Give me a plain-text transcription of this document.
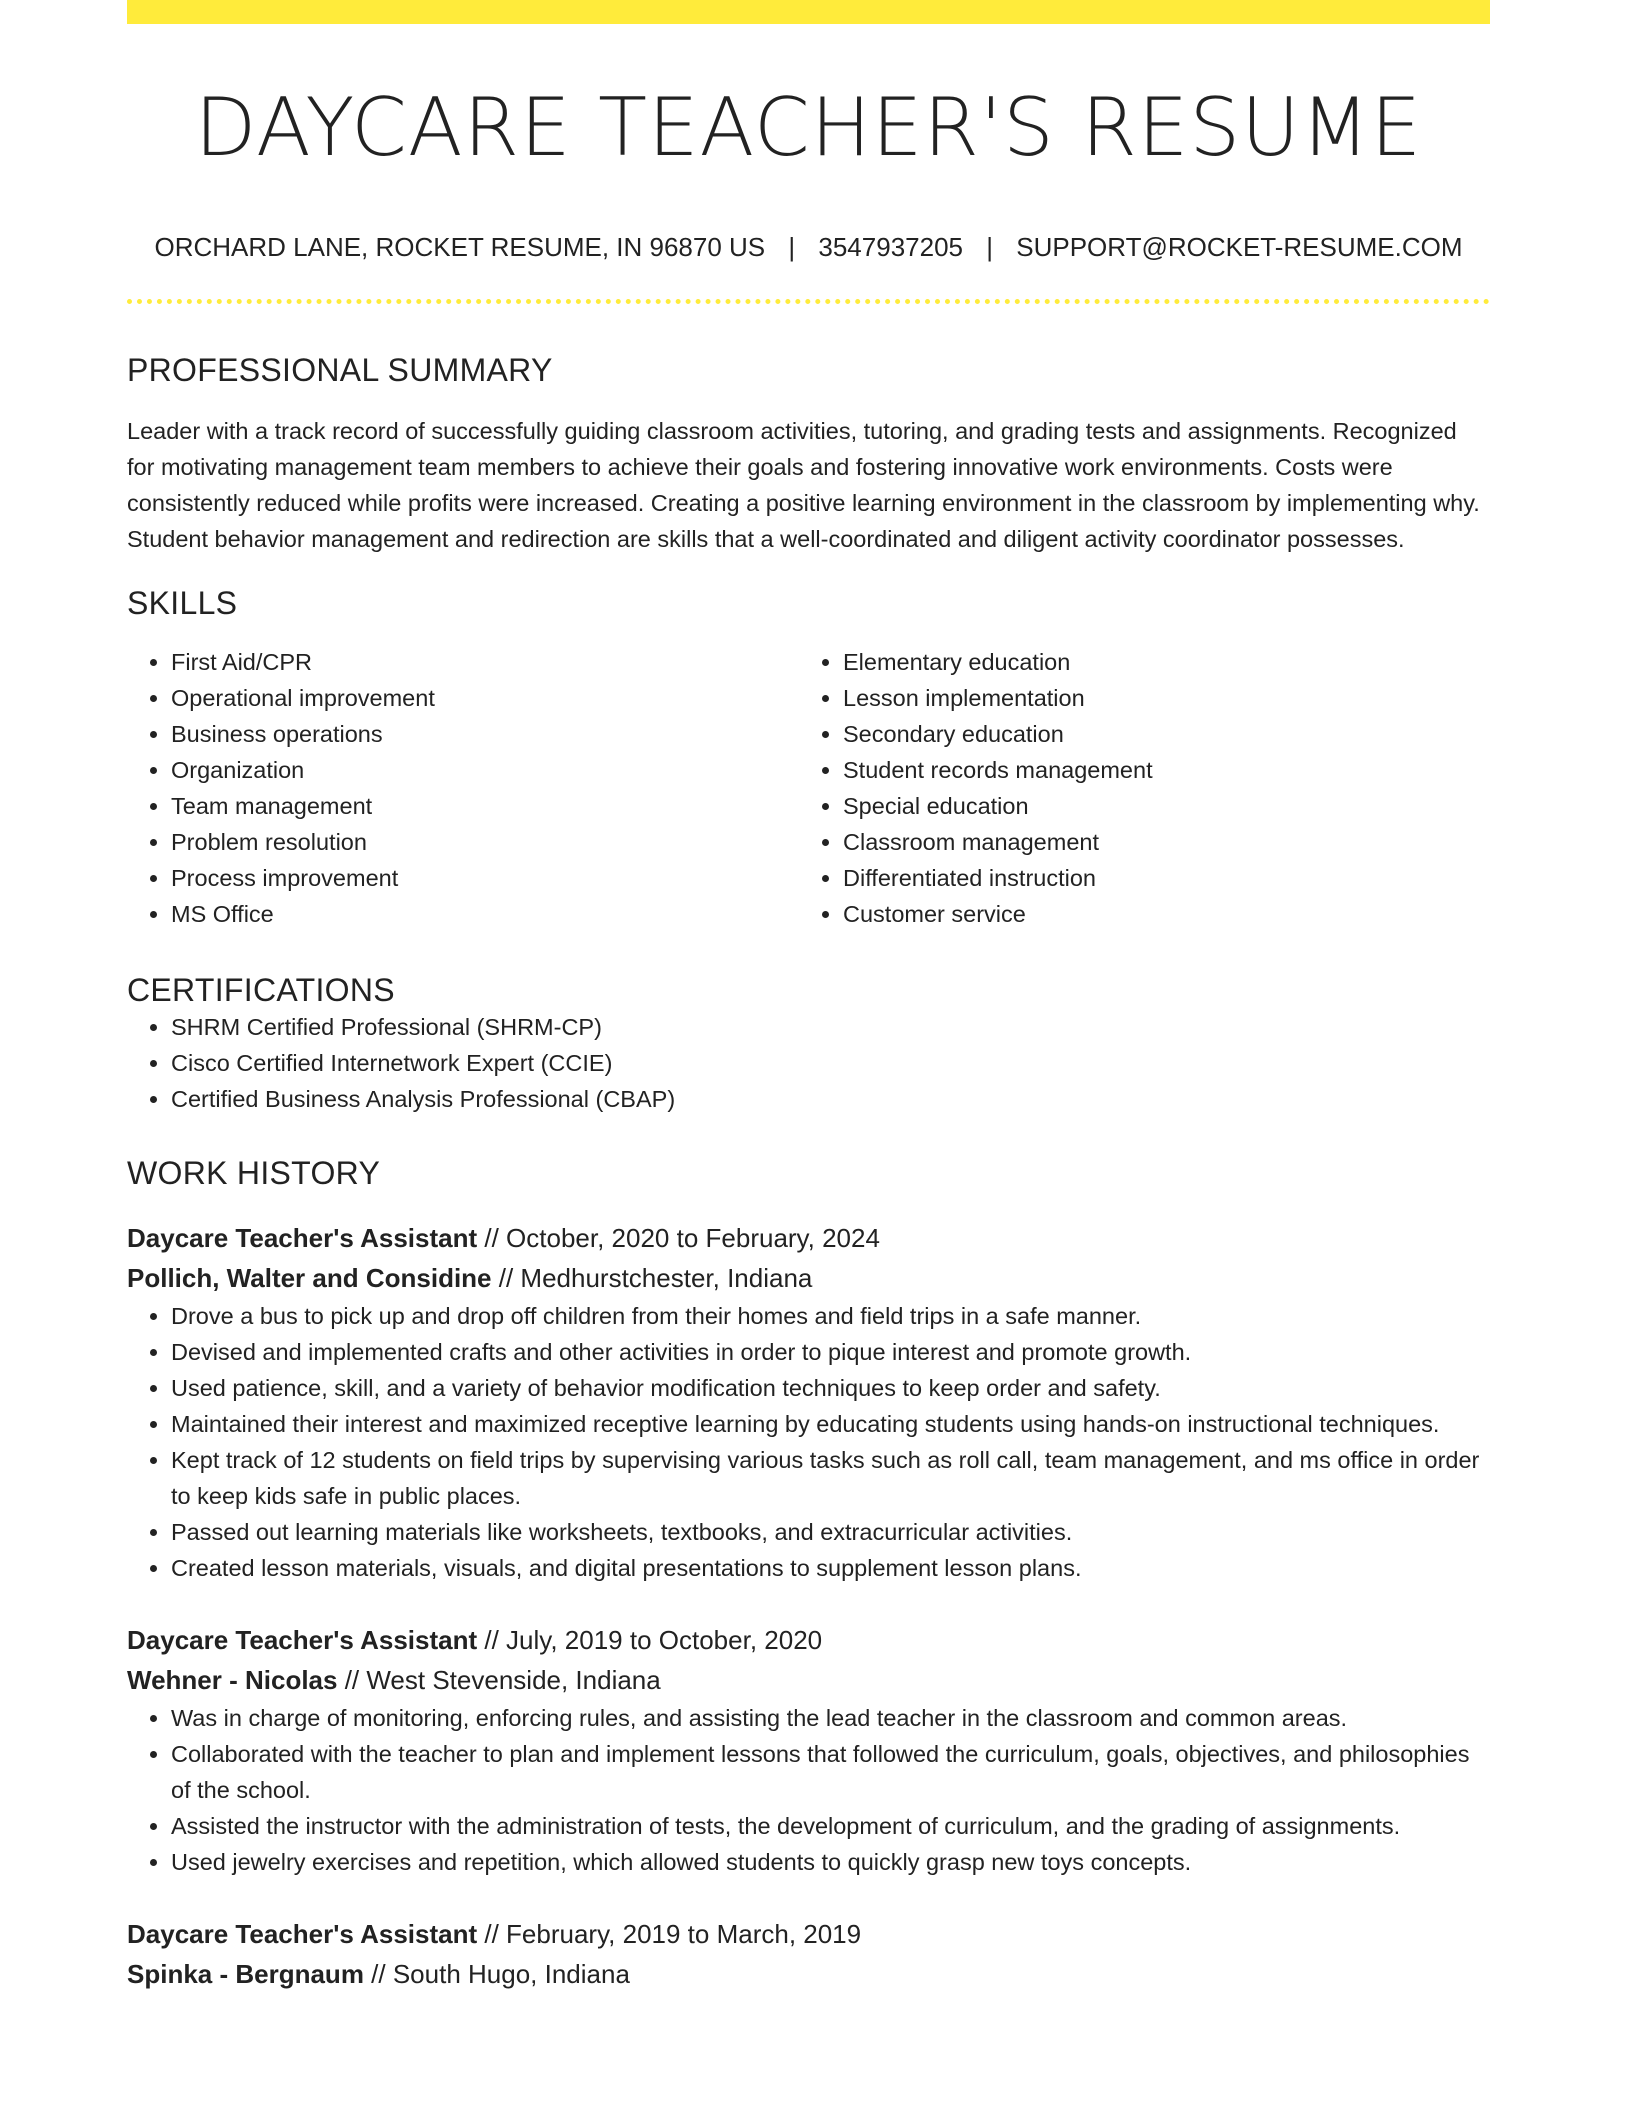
DAYCARE TEACHER'S RESUME
ORCHARD LANE, ROCKET RESUME, IN 96870 US | 3547937205 | SUPPORT@ROCKET-RESUME.COM
PROFESSIONAL SUMMARY

Leader with a track record of successfully guiding classroom activities, tutoring, and grading tests and assignments. Recognized for motivating management team members to achieve their goals and fostering innovative work environments. Costs were consistently reduced while profits were increased. Creating a positive learning environment in the classroom by implementing why. Student behavior management and redirection are skills that a well-coordinated and diligent activity coordinator possesses.

SKILLS
• First Aid/CPR
• Operational improvement
• Business operations
• Organization
• Team management
• Problem resolution
• Process improvement
• MS Office
• Elementary education
• Lesson implementation
• Secondary education
• Student records management
• Special education
• Classroom management
• Differentiated instruction
• Customer service
CERTIFICATIONS
• SHRM Certified Professional (SHRM-CP)
• Cisco Certified Internetwork Expert (CCIE)
• Certified Business Analysis Professional (CBAP)
WORK HISTORY
Daycare Teacher's Assistant // October, 2020 to February, 2024
Pollich, Walter and Considine // Medhurstchester, Indiana
• Drove a bus to pick up and drop off children from their homes and field trips in a safe manner.
• Devised and implemented crafts and other activities in order to pique interest and promote growth.
• Used patience, skill, and a variety of behavior modification techniques to keep order and safety.
• Maintained their interest and maximized receptive learning by educating students using hands-on instructional techniques.
• Kept track of 12 students on field trips by supervising various tasks such as roll call, team management, and ms office in order to keep kids safe in public places.
• Passed out learning materials like worksheets, textbooks, and extracurricular activities.
• Created lesson materials, visuals, and digital presentations to supplement lesson plans.
Daycare Teacher's Assistant // July, 2019 to October, 2020
Wehner - Nicolas // West Stevenside, Indiana
• Was in charge of monitoring, enforcing rules, and assisting the lead teacher in the classroom and common areas.
• Collaborated with the teacher to plan and implement lessons that followed the curriculum, goals, objectives, and philosophies of the school.
• Assisted the instructor with the administration of tests, the development of curriculum, and the grading of assignments.
• Used jewelry exercises and repetition, which allowed students to quickly grasp new toys concepts.
Daycare Teacher's Assistant // February, 2019 to March, 2019
Spinka - Bergnaum // South Hugo, Indiana
